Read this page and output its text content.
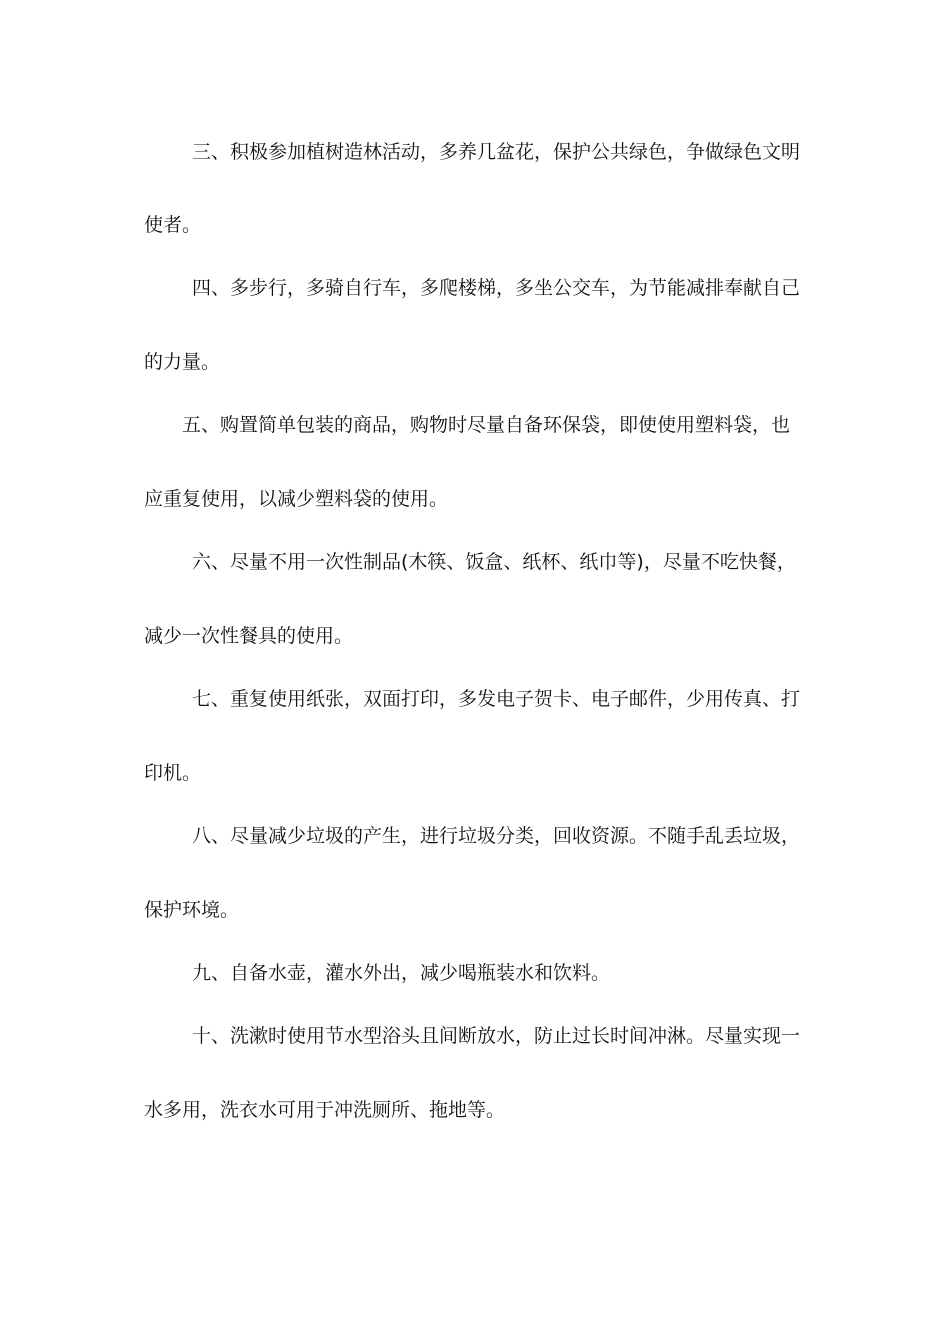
三、积极参加植树造林活动，多养几盆花，保护公共绿色，争做绿色文明
使者。
四、多步行，多骑自行车，多爬楼梯，多坐公交车，为节能减排奉献自己
的力量。
五、购置简单包装的商品，购物时尽量自备环保袋，即使使用塑料袋，也
应重复使用，以减少塑料袋的使用。
六、尽量不用一次性制品(木筷、饭盒、纸杯、纸巾等)，尽量不吃快餐，
减少一次性餐具的使用。
七、重复使用纸张，双面打印，多发电子贺卡、电子邮件，少用传真、打
印机。
八、尽量减少垃圾的产生，进行垃圾分类，回收资源。不随手乱丢垃圾，
保护环境。
九、自备水壶，灌水外出，减少喝瓶装水和饮料。
十、洗漱时使用节水型浴头且间断放水，防止过长时间冲淋。尽量实现一
水多用，洗衣水可用于冲洗厕所、拖地等。
